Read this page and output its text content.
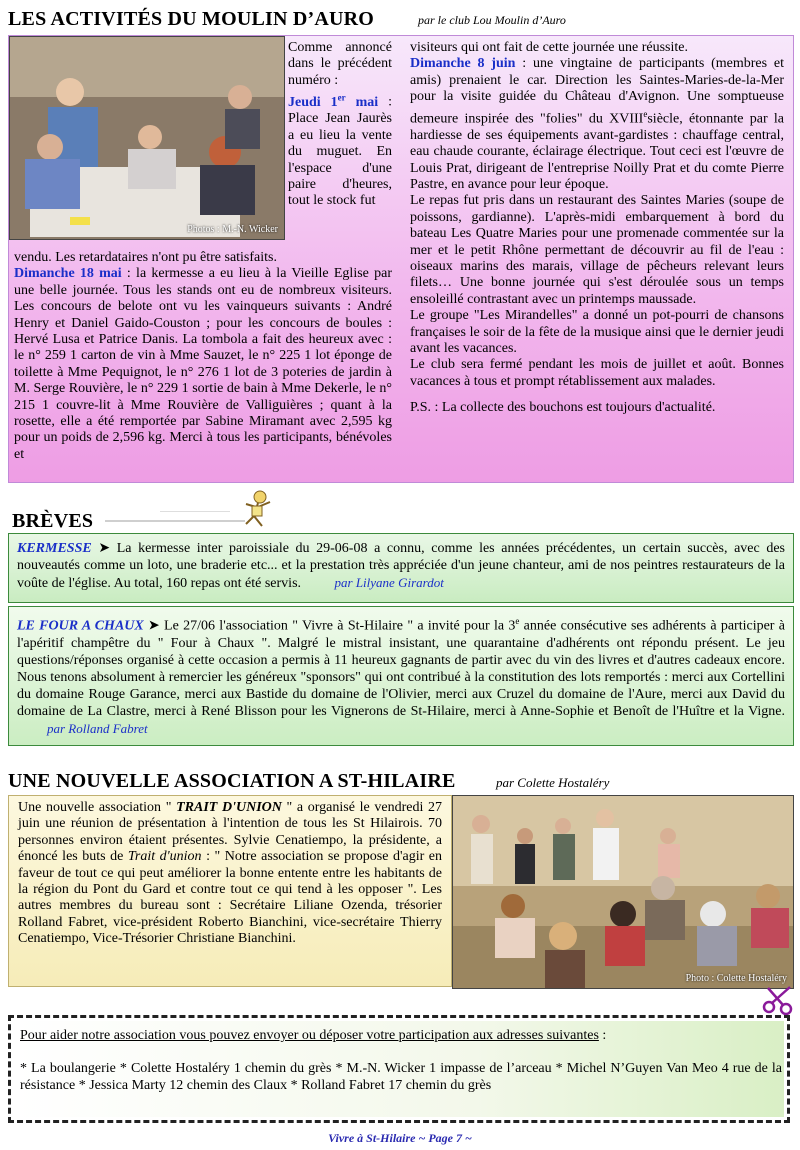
LES ACTIVITÉS DU MOULIN D’AURO	par le club Lou Moulin d’Auro
Photos : M.-N. Wicker
Comme annoncé dans le précédent numéro :
Jeudi 1er mai : Place Jean Jaurès a eu lieu la vente du muguet. En l'espace d'une paire d'heures, tout le stock fut
vendu. Les retardataires n'ont pu être satisfaits.
Dimanche 18 mai : la kermesse a eu lieu à la Vieille Eglise par une belle journée. Tous les stands ont eu de nombreux visiteurs. Les concours de belote ont vu les vainqueurs suivants : André Henry et Daniel Gaido-Couston ; pour les concours de boules : Hervé Lusa et Patrice Danis. La tombola a fait des heureux avec : le n° 259 1 carton de vin à Mme Sauzet, le n° 225 1 lot éponge de toilette à Mme Pequignot, le n° 276 1 lot de 3 poteries de jardin à M. Serge Rouvière, le n° 229 1 sortie de bain à Mme Dekerle, le n° 215 1 couvre-lit à Mme Rouvière de Valliguières ; quant à la rosette, elle a été remportée par Sabine Miramant avec 2,595 kg pour un poids de 2,596 kg. Merci à tous les participants, bénévoles et
visiteurs qui ont fait de cette journée une réussite.
Dimanche 8 juin : une vingtaine de participants (membres et amis) prenaient le car. Direction les Saintes-Maries-de-la-Mer pour la visite guidée du Château d'Avignon. Une somptueuse demeure inspirée des "folies" du XVIIIesiècle, étonnante par la hardiesse de ses équipements avant-gardistes : chauffage central, eau chaude courante, éclairage électrique. Tout ceci est l'œuvre de Louis Prat, dirigeant de l'entreprise Noilly Prat et du comte Pierre Pastre, en avance pour leur époque.
Le repas fut pris dans un restaurant des Saintes Maries (soupe de poissons, gardianne). L'après-midi embarquement à bord du bateau Les Quatre Maries pour une promenade commentée sur la mer et le petit Rhône permettant de découvrir au fil de l'eau : oiseaux marins des marais, village de pêcheurs relevant leurs filets… Une bonne journée qui s'est déroulée sous un temps ensoleillé contrastant avec un printemps maussade.
Le groupe "Les Mirandelles" a donné un pot-pourri de chansons françaises le soir de la fête de la musique ainsi que le dernier jeudi avant les vacances.
Le club sera fermé pendant les mois de juillet et août. Bonnes vacances à tous et prompt rétablissement aux malades.
P.S. : La collecte des bouchons est toujours d'actualité.
BRÈVES
KERMESSE ➤ La kermesse inter paroissiale du 29-06-08 a connu, comme les années précédentes, un certain succès, avec des nouveautés comme un loto, une braderie etc... et la prestation très appréciée d'un jeune chanteur, ami de nos peintres restaurateurs de la voûte de l'église. Au total, 160 repas ont été servis.	par Lilyane Girardot
LE FOUR A CHAUX ➤ Le 27/06 l'association " Vivre à St-Hilaire " a invité pour la 3e année consécutive ses adhérents à participer à l'apéritif champêtre du " Four à Chaux ". Malgré le mistral insistant, une quarantaine d'adhérents ont répondu présent. Le jeu questions/réponses organisé à cette occasion a permis à 11 heureux gagnants de partir avec du vin des livres et d'autres cadeaux encore. Nous tenons absolument à remercier les généreux "sponsors" qui ont contribué à la constitution des lots remportés : merci aux Cortellini du domaine Rouge Garance, merci aux Bastide du domaine de l'Olivier, merci aux Cruzel du domaine de l'Aure, merci aux David du domaine de La Clastre, merci à René Blisson pour les Vignerons de St-Hilaire, merci à Anne-Sophie et Benoît de l'Huître et la Vigne. par Rolland Fabret
UNE NOUVELLE ASSOCIATION A ST-HILAIRE	par Colette Hostaléry
Une nouvelle association " TRAIT D'UNION " a organisé le vendredi 27 juin une réunion de présentation à l'intention de tous les St Hilairois. 70 personnes environ étaient présentes. Sylvie Cenatiempo, la présidente, a énoncé les buts de Trait d'union : " Notre association se propose d'agir en faveur de tout ce qui peut améliorer la bonne entente entre les habitants de la région du Pont du Gard et contre tout ce qui tend à les opposer ". Les autres membres du bureau sont : Secrétaire Liliane Ozenda, trésorier Rolland Fabret, vice-président Roberto Bianchini, vice-secrétaire Thierry Cenatiempo, Vice-Trésorier Christiane Bianchini.
Photo : Colette Hostaléry
Pour aider notre association vous pouvez envoyer ou déposer votre participation aux adresses suivantes :
* La boulangerie * Colette Hostaléry 1 chemin du grès * M.-N. Wicker 1 impasse de l’arceau * Michel N’Guyen Van Meo 4 rue de la résistance * Jessica Marty 12 chemin des Claux * Rolland Fabret 17 chemin du grès
Vivre à St-Hilaire ~ Page 7 ~
